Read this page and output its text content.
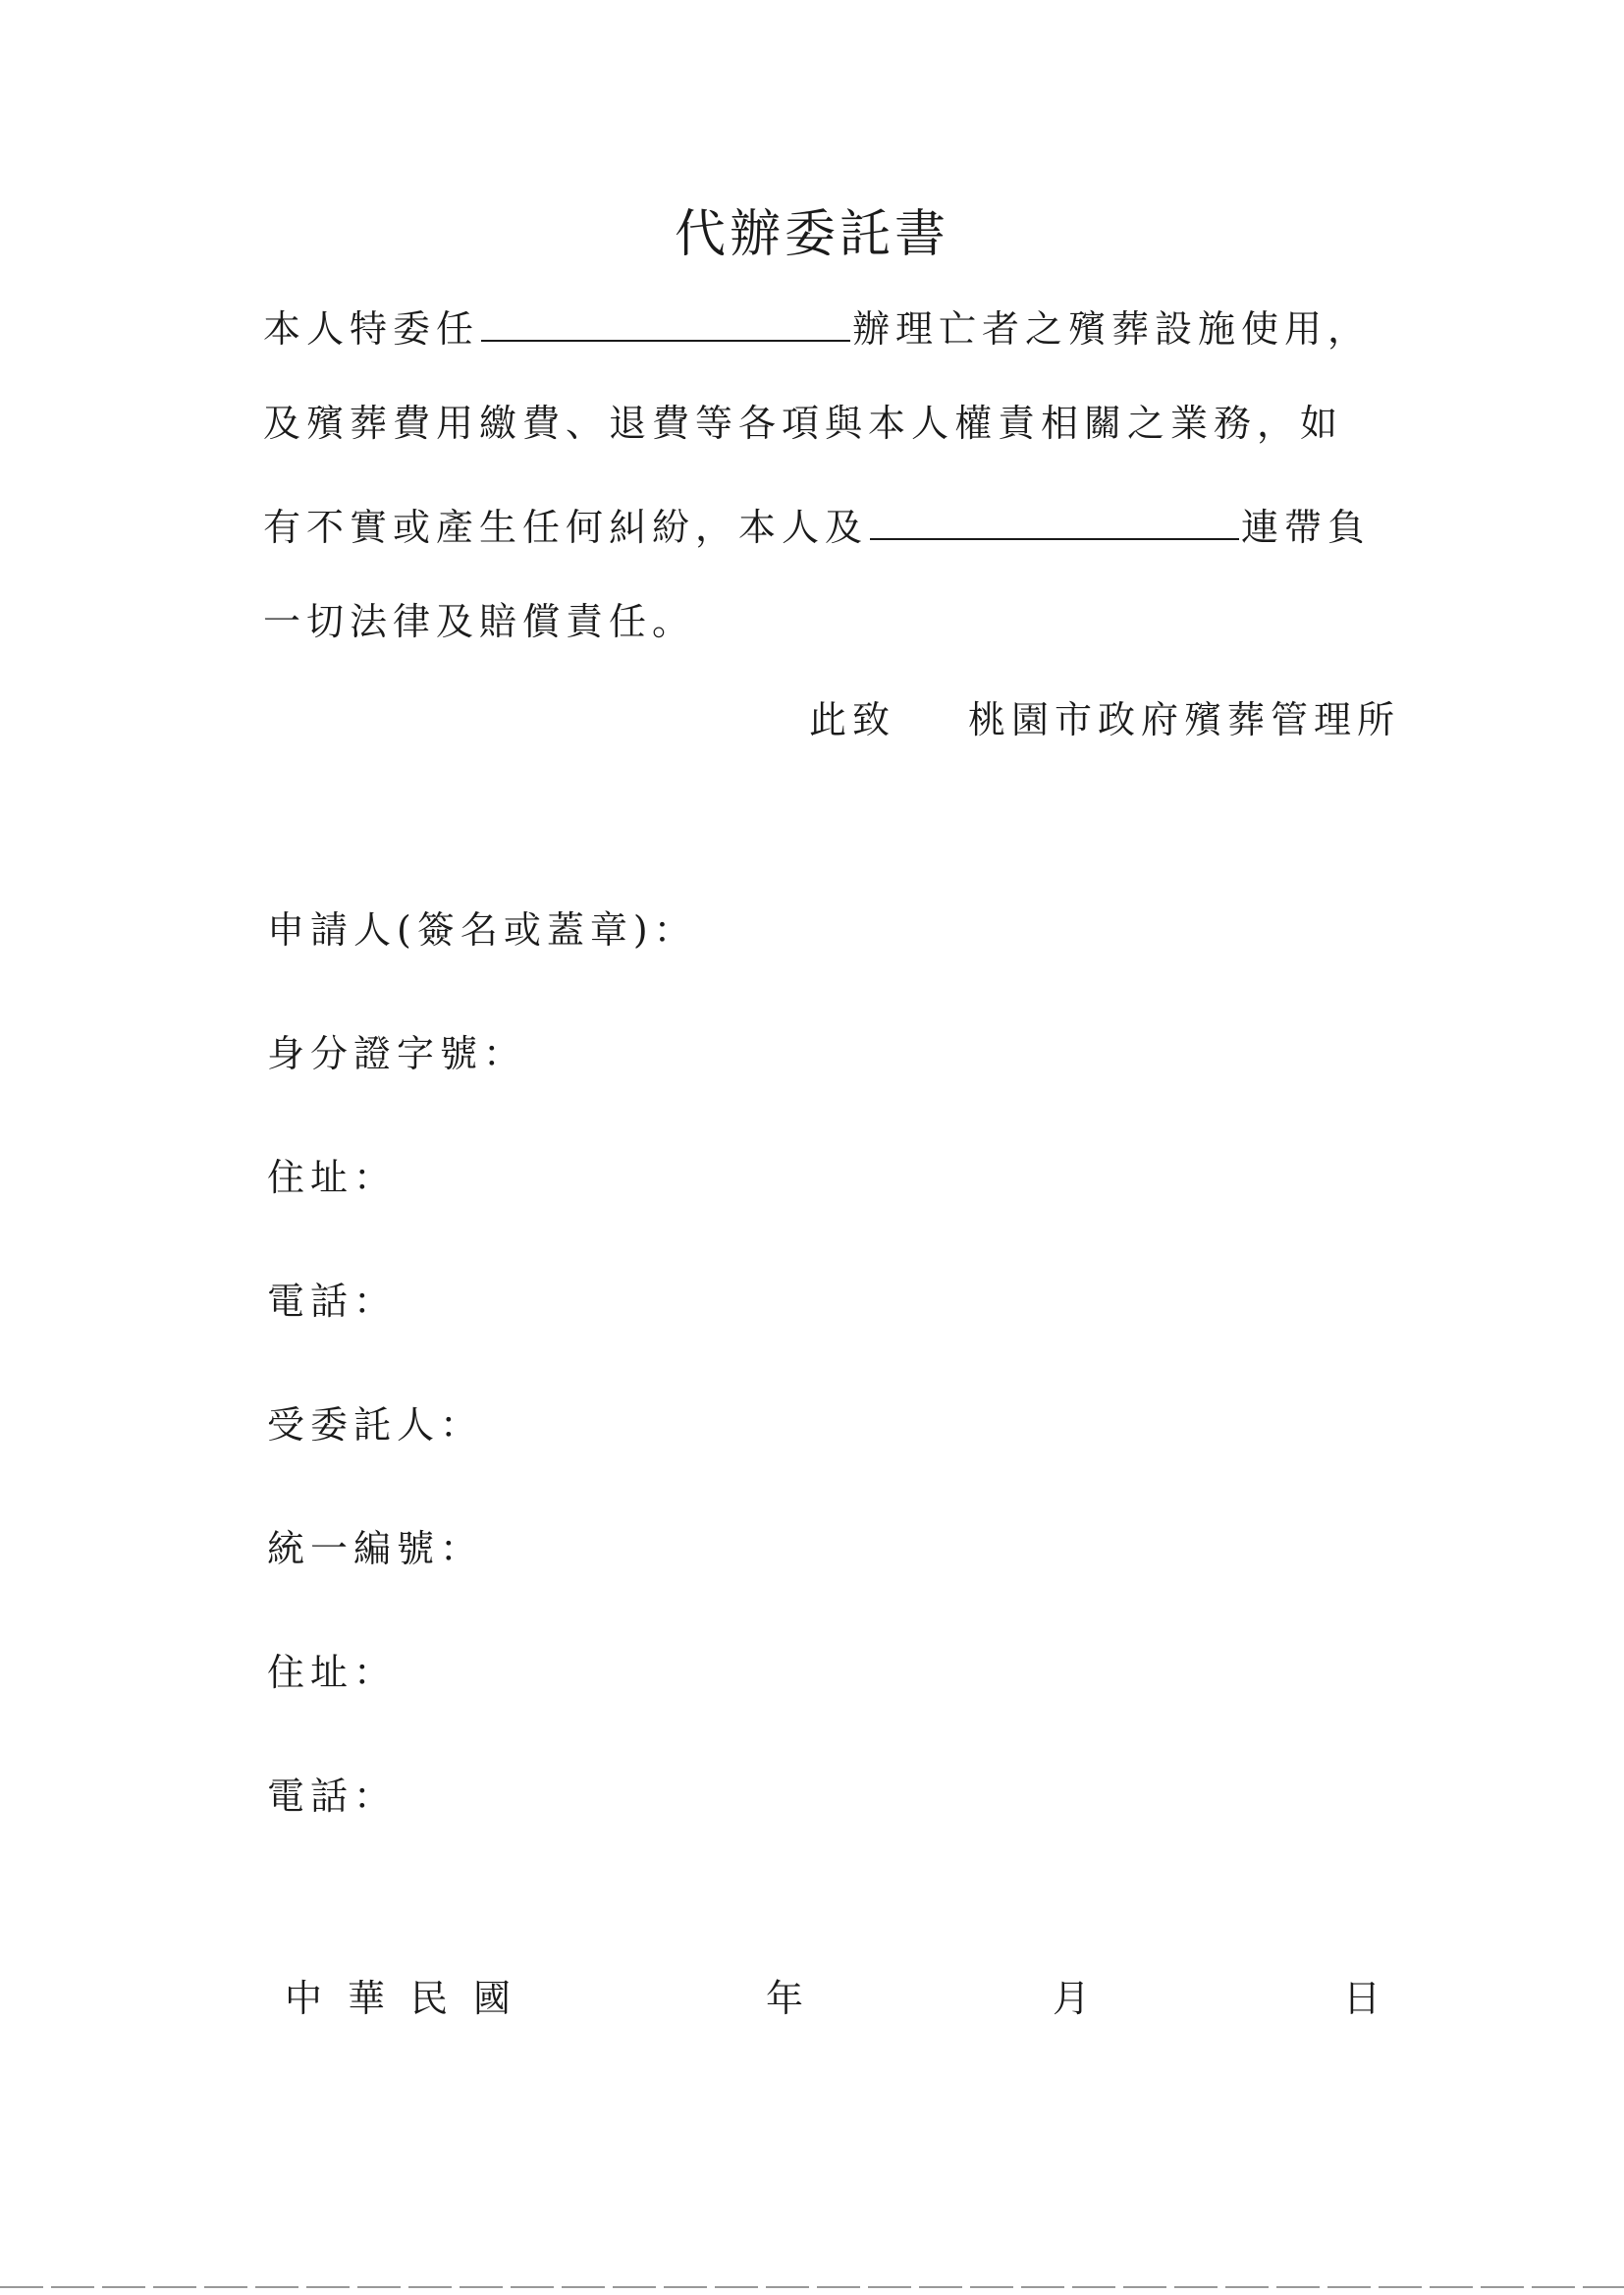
代辦委託書
本人特委任	辦理亡者之殯葬設施使用，
及殯葬費用繳費、退費等各項與本人權責相關之業務，如
有不實或產生任何糾紛，本人及	連帶負
一切法律及賠償責任。
此致 桃園市政府殯葬管理所
申請人(簽名或蓋章)：
身分證字號：
住址：
電話：
受委託人：
統一編號：
住址：
電話：
中華民國	年	月	日
